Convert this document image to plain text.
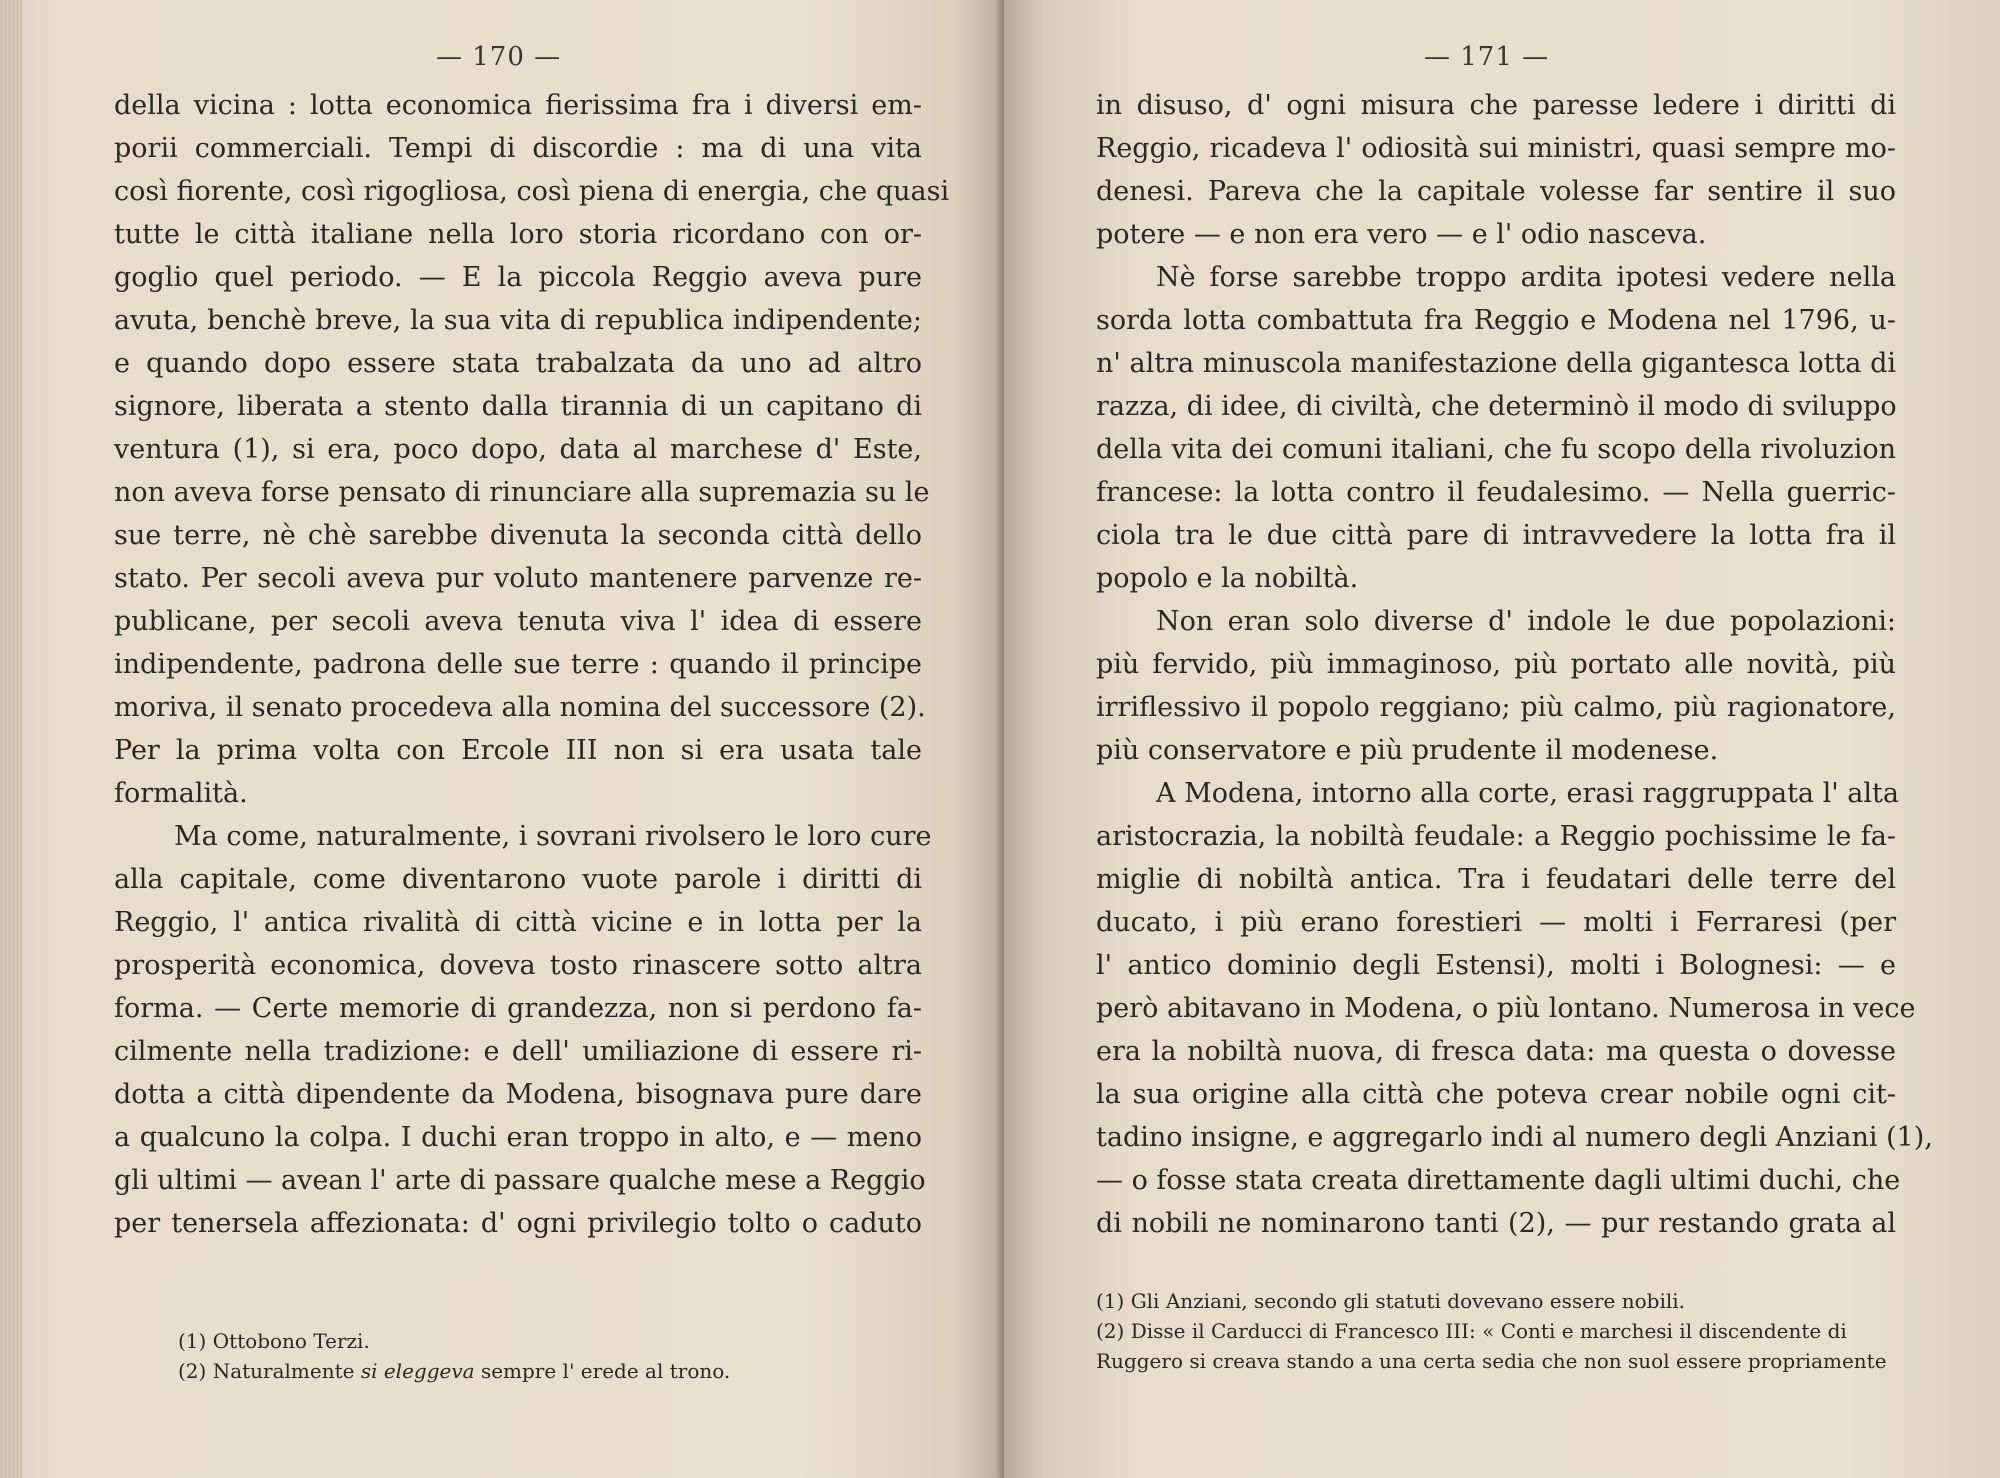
— 170 —
della vicina : lotta economica fierissima fra i diversi em-
porii commerciali. Tempi di discordie : ma di una vita
così fiorente, così rigogliosa, così piena di energia, che quasi
tutte le città italiane nella loro storia ricordano con or-
goglio quel periodo. — E la piccola Reggio aveva pure
avuta, benchè breve, la sua vita di republica indipendente;
e quando dopo essere stata trabalzata da uno ad altro
signore, liberata a stento dalla tirannia di un capitano di
ventura (1), si era, poco dopo, data al marchese d' Este,
non aveva forse pensato di rinunciare alla supremazia su le
sue terre, nè chè sarebbe divenuta la seconda città dello
stato. Per secoli aveva pur voluto mantenere parvenze re-
publicane, per secoli aveva tenuta viva l' idea di essere
indipendente, padrona delle sue terre : quando il principe
moriva, il senato procedeva alla nomina del successore (2).
Per la prima volta con Ercole III non si era usata tale
formalità.
Ma come, naturalmente, i sovrani rivolsero le loro cure
alla capitale, come diventarono vuote parole i diritti di
Reggio, l' antica rivalità di città vicine e in lotta per la
prosperità economica, doveva tosto rinascere sotto altra
forma. — Certe memorie di grandezza, non si perdono fa-
cilmente nella tradizione: e dell' umiliazione di essere ri-
dotta a città dipendente da Modena, bisognava pure dare
a qualcuno la colpa. I duchi eran troppo in alto, e — meno
gli ultimi — avean l' arte di passare qualche mese a Reggio
per tenersela affezionata: d' ogni privilegio tolto o caduto
(1) Ottobono Terzi.
(2) Naturalmente si eleggeva sempre l' erede al trono.
— 171 —
in disuso, d' ogni misura che paresse ledere i diritti di
Reggio, ricadeva l' odiosità sui ministri, quasi sempre mo-
denesi. Pareva che la capitale volesse far sentire il suo
potere — e non era vero — e l' odio nasceva.
Nè forse sarebbe troppo ardita ipotesi vedere nella
sorda lotta combattuta fra Reggio e Modena nel 1796, u-
n' altra minuscola manifestazione della gigantesca lotta di
razza, di idee, di civiltà, che determinò il modo di sviluppo
della vita dei comuni italiani, che fu scopo della rivoluzion
francese: la lotta contro il feudalesimo. — Nella guerric-
ciola tra le due città pare di intravvedere la lotta fra il
popolo e la nobiltà.
Non eran solo diverse d' indole le due popolazioni:
più fervido, più immaginoso, più portato alle novità, più
irriflessivo il popolo reggiano; più calmo, più ragionatore,
più conservatore e più prudente il modenese.
A Modena, intorno alla corte, erasi raggruppata l' alta
aristocrazia, la nobiltà feudale: a Reggio pochissime le fa-
miglie di nobiltà antica. Tra i feudatari delle terre del
ducato, i più erano forestieri — molti i Ferraresi (per
l' antico dominio degli Estensi), molti i Bolognesi: — e
però abitavano in Modena, o più lontano. Numerosa in vece
era la nobiltà nuova, di fresca data: ma questa o dovesse
la sua origine alla città che poteva crear nobile ogni cit-
tadino insigne, e aggregarlo indi al numero degli Anziani (1),
— o fosse stata creata direttamente dagli ultimi duchi, che
di nobili ne nominarono tanti (2), — pur restando grata al
(1) Gli Anziani, secondo gli statuti dovevano essere nobili.
(2) Disse il Carducci di Francesco III: « Conti e marchesi il discendente di
Ruggero si creava stando a una certa sedia che non suol essere propriamente
